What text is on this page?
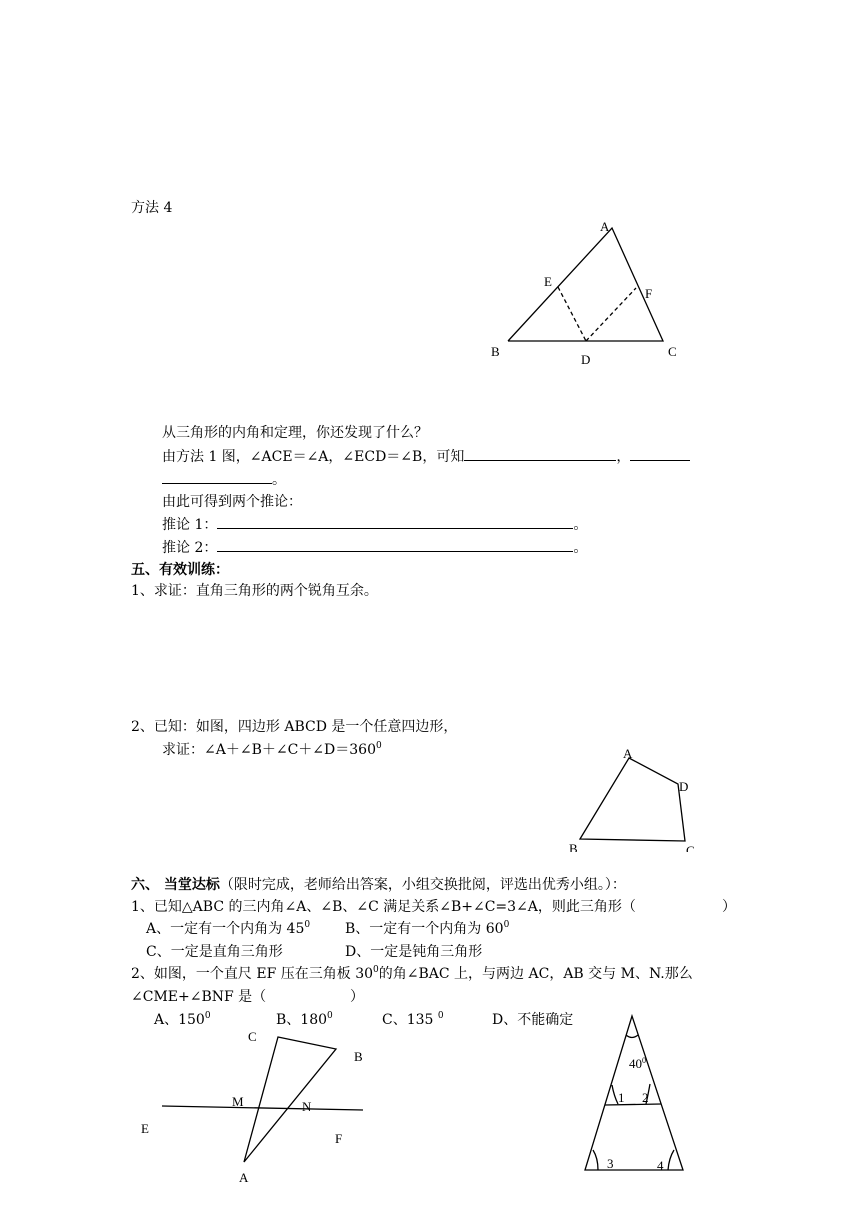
方法 4
从三角形的内角和定理，你还发现了什么？
由方法 1 图，∠ACE＝∠A，∠ECD＝∠B，可知	，
。
由此可得到两个推论：
推论 1：	。
推论 2：	。
五、有效训练：
1、求证：直角三角形的两个锐角互余。
2、已知：如图，四边形 ABCD 是一个任意四边形，
求证：$\angle A+\angle B+\angle C+\angle D=360^0$
六、 当堂达标（限时完成，老师给出答案，小组交换批阅，评选出优秀小组。）：
1、已知△ABC 的三内角∠A、∠B、∠C 满足关系∠B+∠C=3∠A，则此三角形（	）
A、一定有一个内角为 $45^0$ B、一定有一个内角为 $60^0$
C、一定是直角三角形	D、一定是钝角三角形
2、如图，一个直尺 EF 压在三角板 $30^0$的角∠BAC 上，与两边 AC，AB 交与 M、N.那么
∠CME+∠BNF 是（	）
A、$150^0$	B、$180^0$	C、135 $^0$	D、不能确定
A
E
F
B	C
D
A
D
B	C
C
B
M	N
E
F
A
$40^0$
1 2
3	4
